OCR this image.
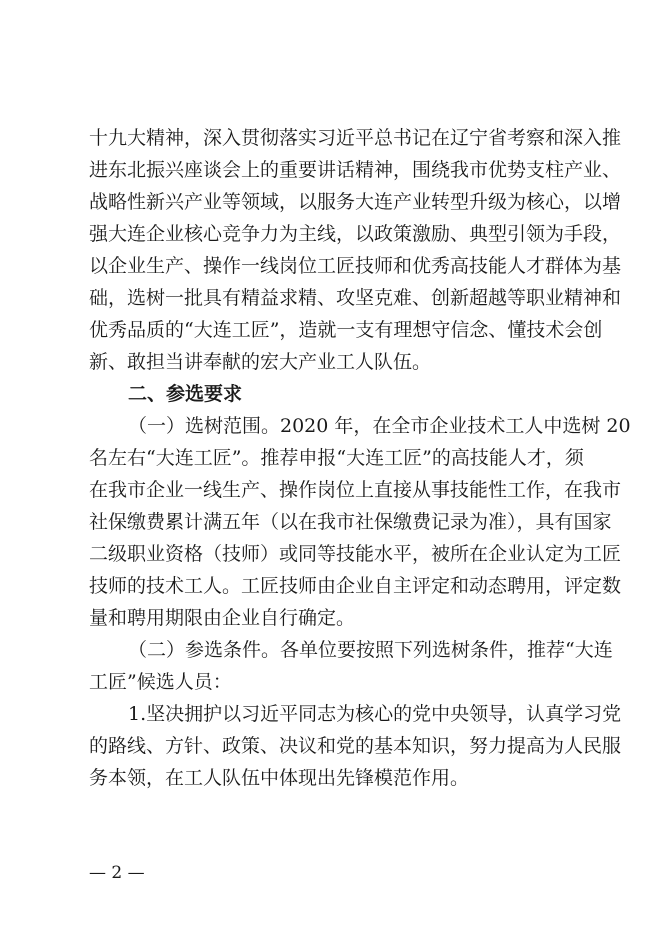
十九大精神，深入贯彻落实习近平总书记在辽宁省考察和深入推
进东北振兴座谈会上的重要讲话精神，围绕我市优势支柱产业、
战略性新兴产业等领域，以服务大连产业转型升级为核心，以增
强大连企业核心竞争力为主线，以政策激励、典型引领为手段，
以企业生产、操作一线岗位工匠技师和优秀高技能人才群体为基
础，选树一批具有精益求精、攻坚克难、创新超越等职业精神和
优秀品质的“大连工匠”，造就一支有理想守信念、懂技术会创
新、敢担当讲奉献的宏大产业工人队伍。
二、参选要求
（一）选树范围。2020 年，在全市企业技术工人中选树 20
名左右“大连工匠”。推荐申报“大连工匠”的高技能人才，须
在我市企业一线生产、操作岗位上直接从事技能性工作，在我市
社保缴费累计满五年（以在我市社保缴费记录为准），具有国家
二级职业资格（技师）或同等技能水平，被所在企业认定为工匠
技师的技术工人。工匠技师由企业自主评定和动态聘用，评定数
量和聘用期限由企业自行确定。
（二）参选条件。各单位要按照下列选树条件，推荐“大连
工匠”候选人员：
1.坚决拥护以习近平同志为核心的党中央领导，认真学习党
的路线、方针、政策、决议和党的基本知识，努力提高为人民服
务本领，在工人队伍中体现出先锋模范作用。
— 2 —
